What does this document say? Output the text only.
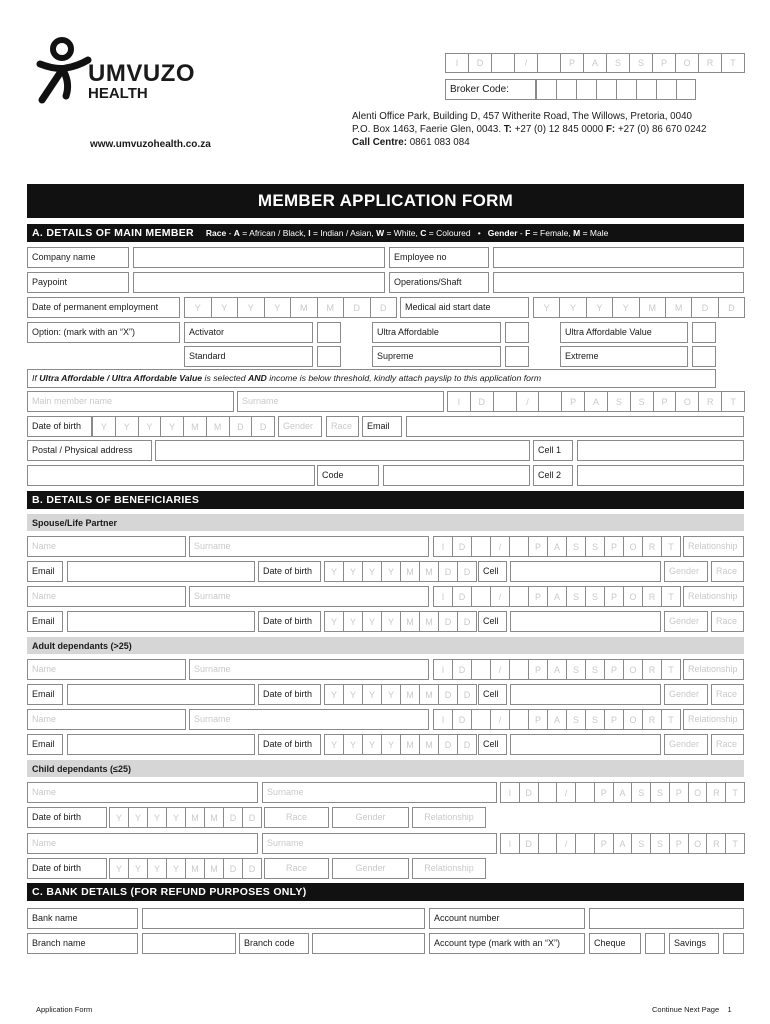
UMVUZO
HEALTH
www.umvuzohealth.co.za
I	D	/	P	A	S	S	P	O	R	T
Broker Code:
Alenti Office Park, Building D, 457 Witherite Road, The Willows, Pretoria, 0040
P.O. Box 1463, Faerie Glen, 0043. T: +27 (0) 12 845 0000 F: +27 (0) 86 670 0242
Call Centre: 0861 083 084
MEMBER APPLICATION FORM
A. DETAILS OF MAIN MEMBER Race - A = African / Black, I = Indian / Asian, W = White, C = Coloured • Gender - F = Female, M = Male
Company name	Employee no
Paypoint	Operations/Shaft
Date of permanent employment	Y	Y	Y	Y	M	M	D	D	Medical aid start date	Y	Y	Y	Y	M	M	D	D
Option: (mark with an “X”)	Activator	Ultra Affordable	Ultra Affordable Value
Standard	Supreme	Extreme
If
Ultra Affordable / Ultra Affordable Value
is selected
AND
income is below threshold, kindly attach payslip to this application form
Main member name	Surname	I	D	/	P	A	S	S	P	O	R	T
Date of birth	Y	Y	Y	Y	M	M	D	D	Gender	Race	Email
Postal / Physical address	Cell 1
Code	Cell 2
B. DETAILS OF BENEFICIARIES
Spouse/Life Partner
Name	Surname	I	D	/	P	A	S	S	P	O	R	T	Relationship
Email	Date of birth	Y	Y	Y	Y	M	M	D	D	Cell	Gender	Race
Name	Surname	I	D	/	P	A	S	S	P	O	R	T	Relationship
Email	Date of birth	Y	Y	Y	Y	M	M	D	D	Cell	Gender	Race
Adult dependants (>25)
Name	Surname	I	D	/	P	A	S	S	P	O	R	T	Relationship
Email	Date of birth	Y	Y	Y	Y	M	M	D	D	Cell	Gender	Race
Name	Surname	I	D	/	P	A	S	S	P	O	R	T	Relationship
Email	Date of birth	Y	Y	Y	Y	M	M	D	D	Cell	Gender	Race
Child dependants (≤25)
Name	Surname	I	D	/	P	A	S	S	P	O	R	T
Date of birth	Y	Y	Y	Y	M	M	D	D	Race	Gender	Relationship
Name	Surname	I	D	/	P	A	S	S	P	O	R	T
Date of birth	Y	Y	Y	Y	M	M	D	D	Race	Gender	Relationship
C. BANK DETAILS (FOR REFUND PURPOSES ONLY)
Bank name	Account number
Branch name	Branch code	Account type (mark with an “X”)	Cheque	Savings
Application Form	Continue Next Page 1
